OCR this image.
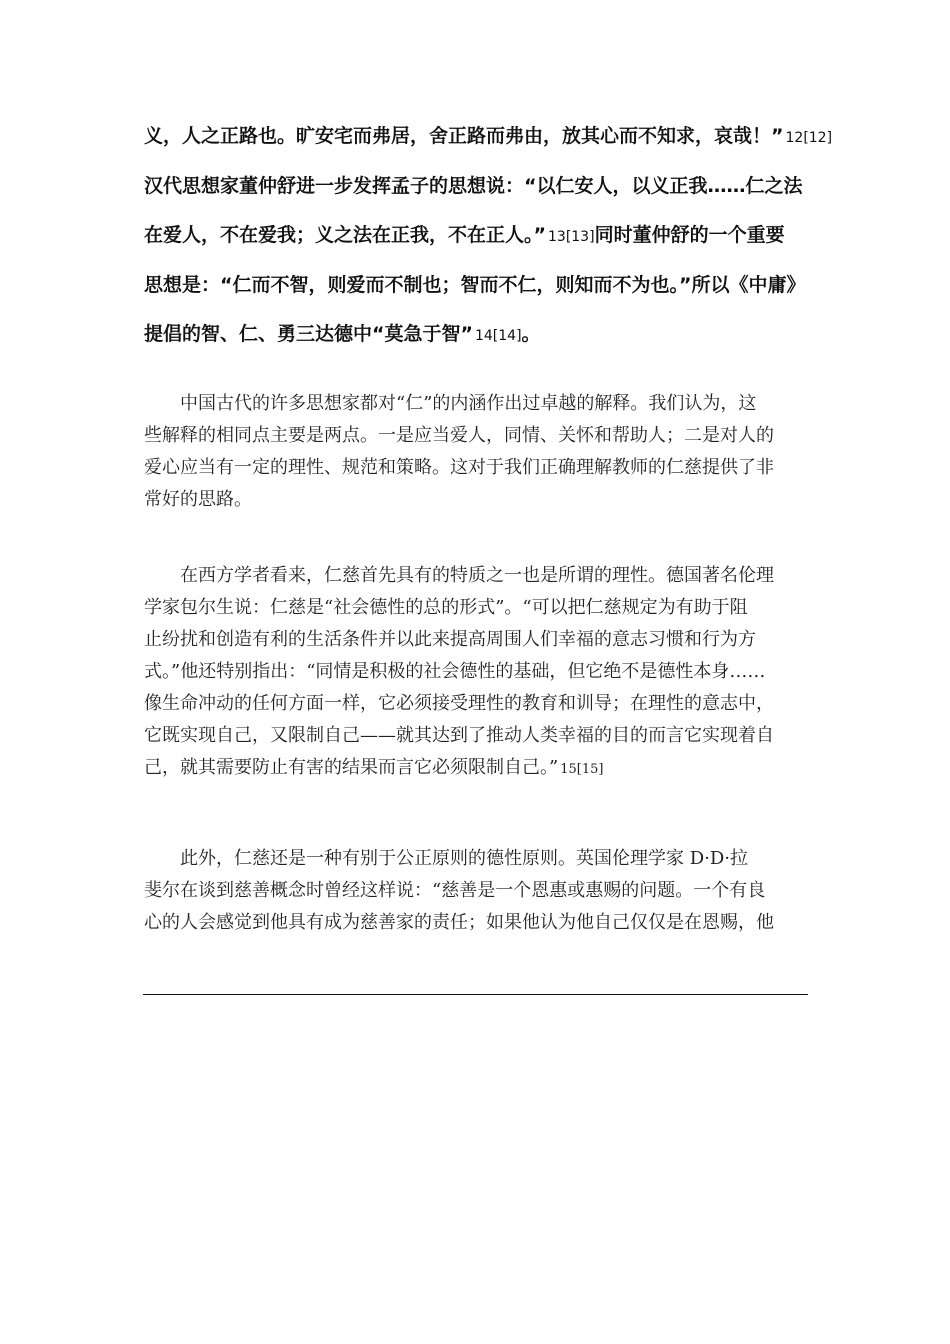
义，人之正路也。旷安宅而弗居，舍正路而弗由，放其心而不知求，哀哉！” 12[12]
汉代思想家董仲舒进一步发挥孟子的思想说：“以仁安人，以义正我……仁之法
在爱人，不在爱我；义之法在正我，不在正人。” 13[13]同时董仲舒的一个重要
思想是：“仁而不智，则爱而不制也；智而不仁，则知而不为也。”所以《中庸》
提倡的智、仁、勇三达德中“莫急于智” 14[14]。
　　中国古代的许多思想家都对“仁”的内涵作出过卓越的解释。我们认为，这
些解释的相同点主要是两点。一是应当爱人，同情、关怀和帮助人；二是对人的
爱心应当有一定的理性、规范和策略。这对于我们正确理解教师的仁慈提供了非
常好的思路。
　　在西方学者看来，仁慈首先具有的特质之一也是所谓的理性。德国著名伦理
学家包尔生说：仁慈是“社会德性的总的形式”。“可以把仁慈规定为有助于阻
止纷扰和创造有利的生活条件并以此来提高周围人们幸福的意志习惯和行为方
式。”他还特别指出：“同情是积极的社会德性的基础，但它绝不是德性本身……
像生命冲动的任何方面一样，它必须接受理性的教育和训导；在理性的意志中，
它既实现自己，又限制自己——就其达到了推动人类幸福的目的而言它实现着自
己，就其需要防止有害的结果而言它必须限制自己。” 15[15]
　　此外，仁慈还是一种有别于公正原则的德性原则。英国伦理学家 D·D·拉
斐尔在谈到慈善概念时曾经这样说：“慈善是一个恩惠或惠赐的问题。一个有良
心的人会感觉到他具有成为慈善家的责任；如果他认为他自己仅仅是在恩赐，他
